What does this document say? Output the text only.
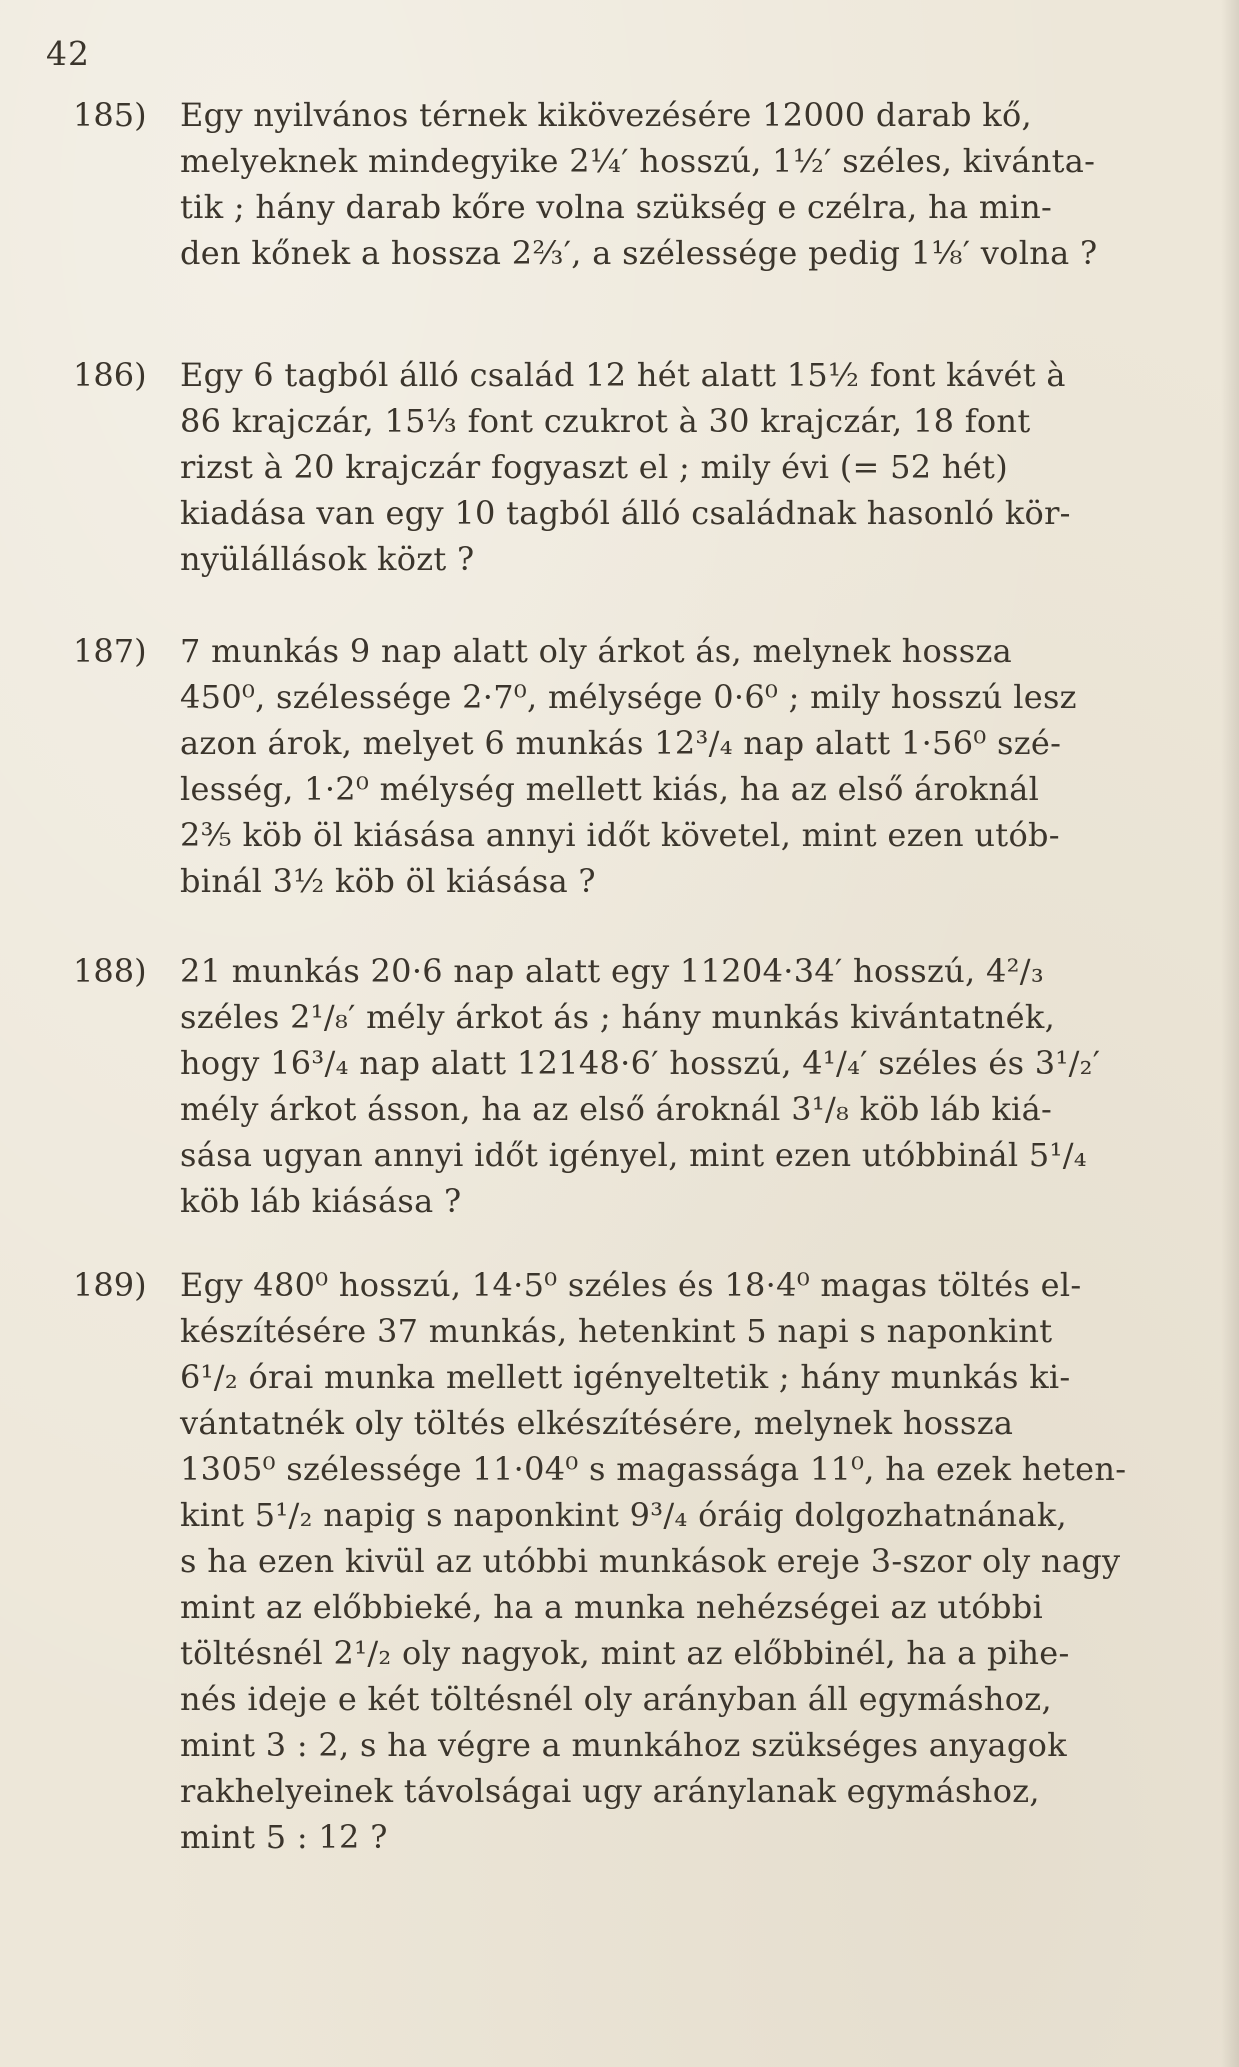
42
185) Egy nyilvános térnek kikövezésére 12000 darab kő,
melyeknek mindegyike 2¼′ hosszú, 1½′ széles, kivánta-
tik ; hány darab kőre volna szükség e czélra, ha min-
den kőnek a hossza 2⅔′, a szélessége pedig 1⅛′ volna ?
186) Egy 6 tagból álló család 12 hét alatt 15½ font kávét à
86 krajczár, 15⅓ font czukrot à 30 krajczár, 18 font
rizst à 20 krajczár fogyaszt el ; mily évi (= 52 hét)
kiadása van egy 10 tagból álló családnak hasonló kör-
nyülállások közt ?
187) 7 munkás 9 nap alatt oly árkot ás, melynek hossza
450⁰, szélessége 2·7⁰, mélysége 0·6⁰ ; mily hosszú lesz
azon árok, melyet 6 munkás 12³/₄ nap alatt 1·56⁰ szé-
lesség, 1·2⁰ mélység mellett kiás, ha az első ároknál
2⅗ köb öl kiásása annyi időt követel, mint ezen utób-
binál 3½ köb öl kiásása ?
188) 21 munkás 20·6 nap alatt egy 11204·34′ hosszú, 4²/₃
széles 2¹/₈′ mély árkot ás ; hány munkás kivántatnék,
hogy 16³/₄ nap alatt 12148·6′ hosszú, 4¹/₄′ széles és 3¹/₂′
mély árkot ásson, ha az első ároknál 3¹/₈ köb láb kiá-
sása ugyan annyi időt igényel, mint ezen utóbbinál 5¹/₄
köb láb kiásása ?
189) Egy 480⁰ hosszú, 14·5⁰ széles és 18·4⁰ magas töltés el-
készítésére 37 munkás, hetenkint 5 napi s naponkint
6¹/₂ órai munka mellett igényeltetik ; hány munkás ki-
vántatnék oly töltés elkészítésére, melynek hossza
1305⁰ szélessége 11·04⁰ s magassága 11⁰, ha ezek heten-
kint 5¹/₂ napig s naponkint 9³/₄ óráig dolgozhatnának,
s ha ezen kivül az utóbbi munkások ereje 3-szor oly nagy
mint az előbbieké, ha a munka nehézségei az utóbbi
töltésnél 2¹/₂ oly nagyok, mint az előbbinél, ha a pihe-
nés ideje e két töltésnél oly arányban áll egymáshoz,
mint 3 : 2, s ha végre a munkához szükséges anyagok
rakhelyeinek távolságai ugy aránylanak egymáshoz,
mint 5 : 12 ?
